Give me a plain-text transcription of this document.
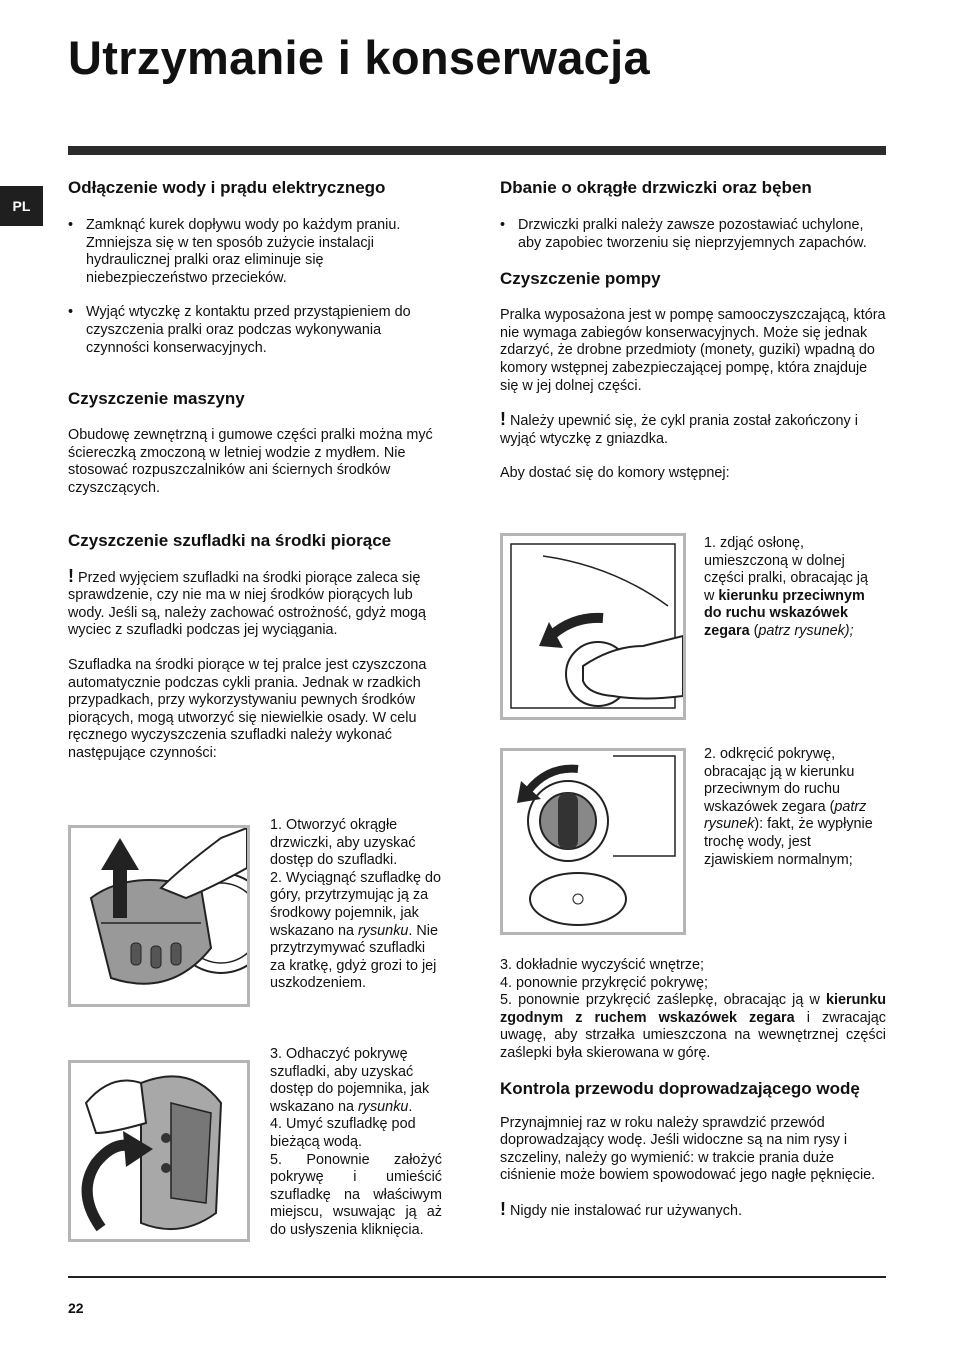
Utrzymanie i konserwacja
PL
Odłączenie wody i prądu elektrycznego
• Zamknąć kurek dopływu wody po każdym praniu. Zmniejsza się w ten sposób zużycie instalacji hydraulicznej pralki oraz eliminuje się niebezpieczeństwo przecieków.
• Wyjąć wtyczkę z kontaktu przed przystąpieniem do czyszczenia pralki oraz podczas wykonywania czynności konserwacyjnych.
Czyszczenie maszyny

Obudowę zewnętrzną i gumowe części pralki można myć ściereczką zmoczoną w letniej wodzie z mydłem. Nie stosować rozpuszczalników ani ściernych środków czyszczących.

Czyszczenie szufladki na środki piorące

! Przed wyjęciem szufladki na środki piorące zaleca się sprawdzenie, czy nie ma w niej środków piorących lub wody. Jeśli są, należy zachować ostrożność, gdyż mogą wyciec z szufladki podczas jej wyciągania.

Szufladka na środki piorące w tej pralce jest czyszczona automatycznie podczas cykli prania. Jednak w rzadkich przypadkach, przy wykorzystywaniu pewnych środków piorących, mogą utworzyć się niewielkie osady. W celu ręcznego wyczyszczenia szufladki należy wykonać następujące czynności:

1. Otworzyć okrągłe drzwiczki, aby uzyskać dostęp do szufladki.

2. Wyciągnąć szufladkę do góry, przytrzymując ją za środkowy pojemnik, jak wskazano na rysunku. Nie przytrzymywać szufladki za kratkę, gdyż grozi to jej uszkodzeniem.

3. Odhaczyć pokrywę szufladki, aby uzyskać dostęp do pojemnika, jak wskazano na rysunku.

4. Umyć szufladkę pod bieżącą wodą.

5. Ponownie założyć pokrywę i umieścić szufladkę na właściwym miejscu, wsuwając ją aż do usłyszenia kliknięcia.

Dbanie o okrągłe drzwiczki oraz bęben
• Drzwiczki pralki należy zawsze pozostawiać uchylone, aby zapobiec tworzeniu się nieprzyjemnych zapachów.
Czyszczenie pompy

Pralka wyposażona jest w pompę samooczyszczającą, która nie wymaga zabiegów konserwacyjnych. Może się jednak zdarzyć, że drobne przedmioty (monety, guziki) wpadną do komory wstępnej zabezpieczającej pompę, która znajduje się w jej dolnej części.

! Należy upewnić się, że cykl prania został zakończony i wyjąć wtyczkę z gniazdka.

Aby dostać się do komory wstępnej:

1. zdjąć osłonę, umieszczoną w dolnej części pralki, obracając ją w kierunku przeciwnym do ruchu wskazówek zegara (patrz rysunek);

2. odkręcić pokrywę, obracając ją w kierunku przeciwnym do ruchu wskazówek zegara (patrz rysunek): fakt, że wypłynie trochę wody, jest zjawiskiem normalnym;

3. dokładnie wyczyścić wnętrze;

4. ponownie przykręcić pokrywę;

5. ponownie przykręcić zaślepkę, obracając ją w kierunku zgodnym z ruchem wskazówek zegara i zwracając uwagę, aby strzałka umieszczona na wewnętrznej części zaślepki była skierowana w górę.

Kontrola przewodu doprowadzającego wodę

Przynajmniej raz w roku należy sprawdzić przewód doprowadzający wodę. Jeśli widoczne są na nim rysy i szczeliny, należy go wymienić: w trakcie prania duże ciśnienie może bowiem spowodować jego nagłe pęknięcie.

! Nigdy nie instalować rur używanych.

22
